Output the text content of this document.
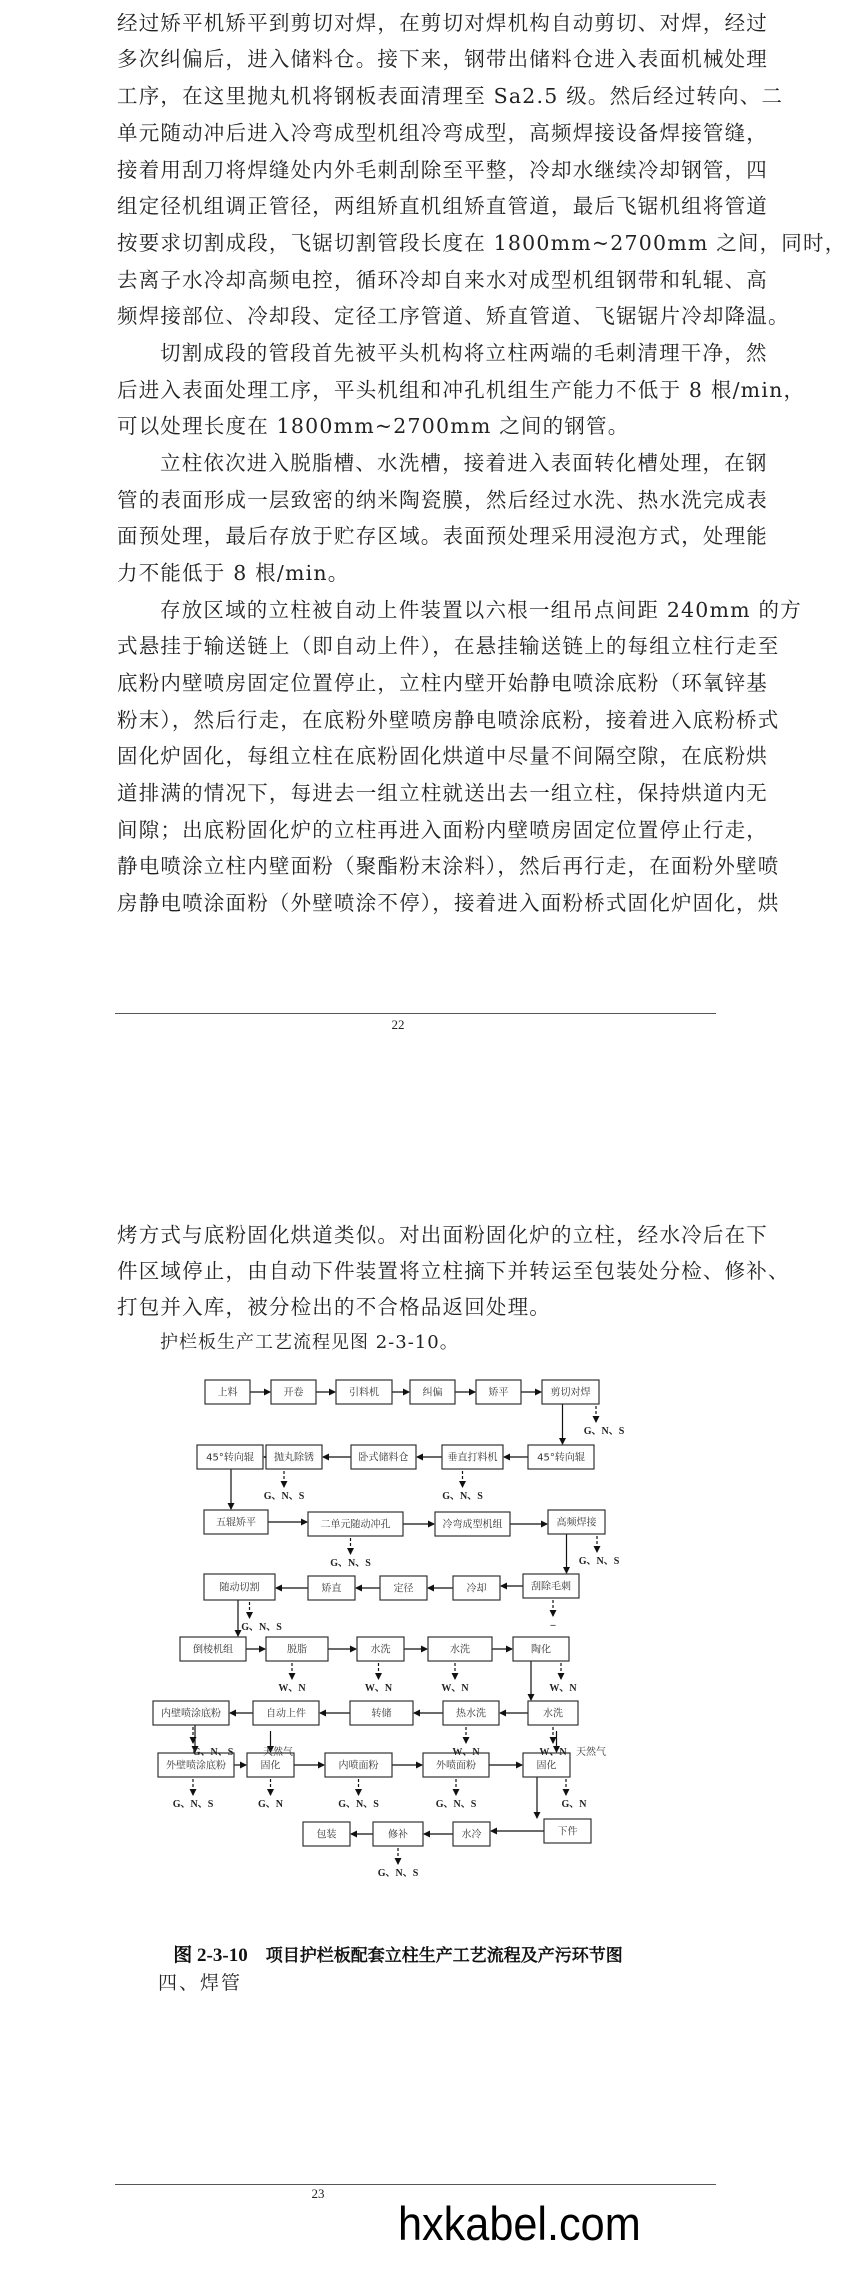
经过矫平机矫平到剪切对焊，在剪切对焊机构自动剪切、对焊，经过
多次纠偏后，进入储料仓。接下来，钢带出储料仓进入表面机械处理
工序，在这里抛丸机将钢板表面清理至 Sa2.5 级。然后经过转向、二
单元随动冲后进入冷弯成型机组冷弯成型，高频焊接设备焊接管缝，
接着用刮刀将焊缝处内外毛刺刮除至平整，冷却水继续冷却钢管，四
组定径机组调正管径，两组矫直机组矫直管道，最后飞锯机组将管道
按要求切割成段，飞锯切割管段长度在 1800mm~2700mm 之间，同时，
去离子水冷却高频电控，循环冷却自来水对成型机组钢带和轧辊、高
频焊接部位、冷却段、定径工序管道、矫直管道、飞锯锯片冷却降温。
切割成段的管段首先被平头机构将立柱两端的毛刺清理干净，然
后进入表面处理工序，平头机组和冲孔机组生产能力不低于 8 根/min，
可以处理长度在 1800mm~2700mm 之间的钢管。
立柱依次进入脱脂槽、水洗槽，接着进入表面转化槽处理，在钢
管的表面形成一层致密的纳米陶瓷膜，然后经过水洗、热水洗完成表
面预处理，最后存放于贮存区域。表面预处理采用浸泡方式，处理能
力不能低于 8 根/min。
存放区域的立柱被自动上件装置以六根一组吊点间距 240mm 的方
式悬挂于输送链上（即自动上件），在悬挂输送链上的每组立柱行走至
底粉内壁喷房固定位置停止，立柱内壁开始静电喷涂底粉（环氧锌基
粉末），然后行走，在底粉外壁喷房静电喷涂底粉，接着进入底粉桥式
固化炉固化，每组立柱在底粉固化烘道中尽量不间隔空隙，在底粉烘
道排满的情况下，每进去一组立柱就送出去一组立柱，保持烘道内无
间隙；出底粉固化炉的立柱再进入面粉内壁喷房固定位置停止行走，
静电喷涂立柱内壁面粉（聚酯粉末涂料），然后再行走，在面粉外壁喷
房静电喷涂面粉（外壁喷涂不停），接着进入面粉桥式固化炉固化，烘
22
烤方式与底粉固化烘道类似。对出面粉固化炉的立柱，经水冷后在下
件区域停止，由自动下件装置将立柱摘下并转运至包装处分检、修补、
打包并入库，被分检出的不合格品返回处理。
护栏板生产工艺流程见图 2-3-10。
上料	开卷	引料机	纠偏	矫平	剪切对焊
45°转向辊 抛丸除锈	卧式储料仓	垂直打料机	45°转向辊
五辊矫平	二单元随动冲孔	冷弯成型机组	高频焊接
随动切割	矫直	定径	冷却	刮除毛刺
倒棱机组	脱脂	水洗	水洗	陶化
内壁喷涂底粉	自动上件	转储	热水洗	水洗
外壁喷涂底粉	固化	内喷面粉	外喷面粉	固化
下件
水冷
修补
包装
G、N、S
G、N、S	G、N、S
G、N、S	G、N、S
–
G、N、S
W、N	W、N	W、N	W、N
W、N	W、N 天然气
G、N、S	天然气
G、N、S	G、N	G、N、S	G、N、S	G、N
G、N、S
图 2-3-10 项目护栏板配套立柱生产工艺流程及产污环节图
四、焊管
23
hxkabel.com
